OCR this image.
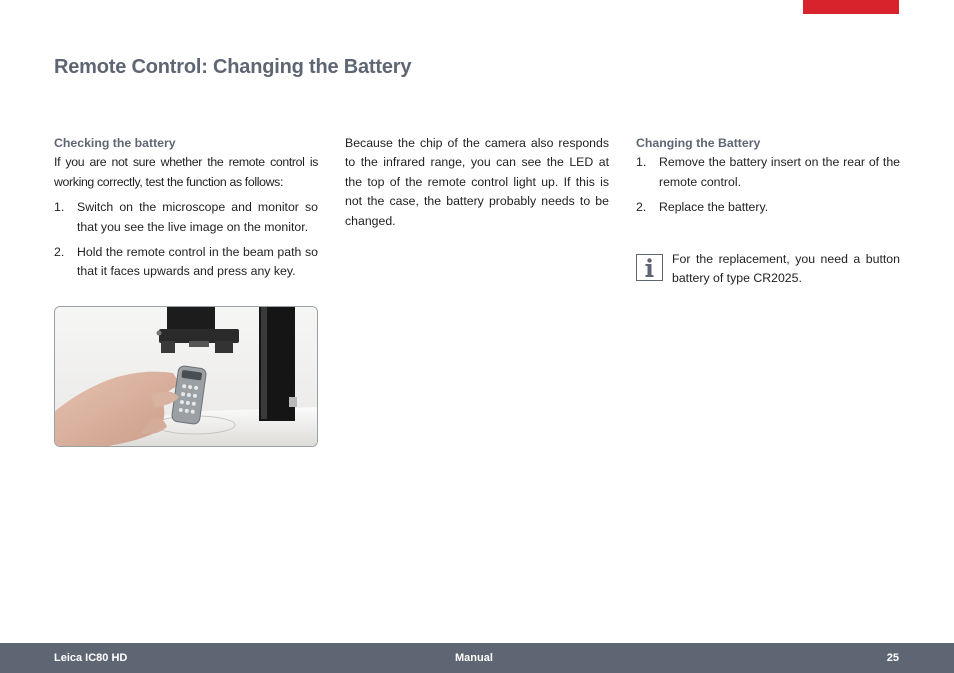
Remote Control: Changing the Battery
Checking the battery

If you are not sure whether the remote control is working correctly, test the function as follows:

1. Switch on the microscope and monitor so that you see the live image on the monitor.
2. Hold the remote control in the beam path so that it faces upwards and press any key.

Because the chip of the camera also responds to the infrared range, you can see the LED at the top of the remote control light up. If this is not the case, the battery probably needs to be changed.

Changing the Battery
1. Remove the battery insert on the rear of the remote control.
2. Replace the battery.
For the replacement, you need a button battery of type CR2025.
Leica IC80 HD	Manual	25
